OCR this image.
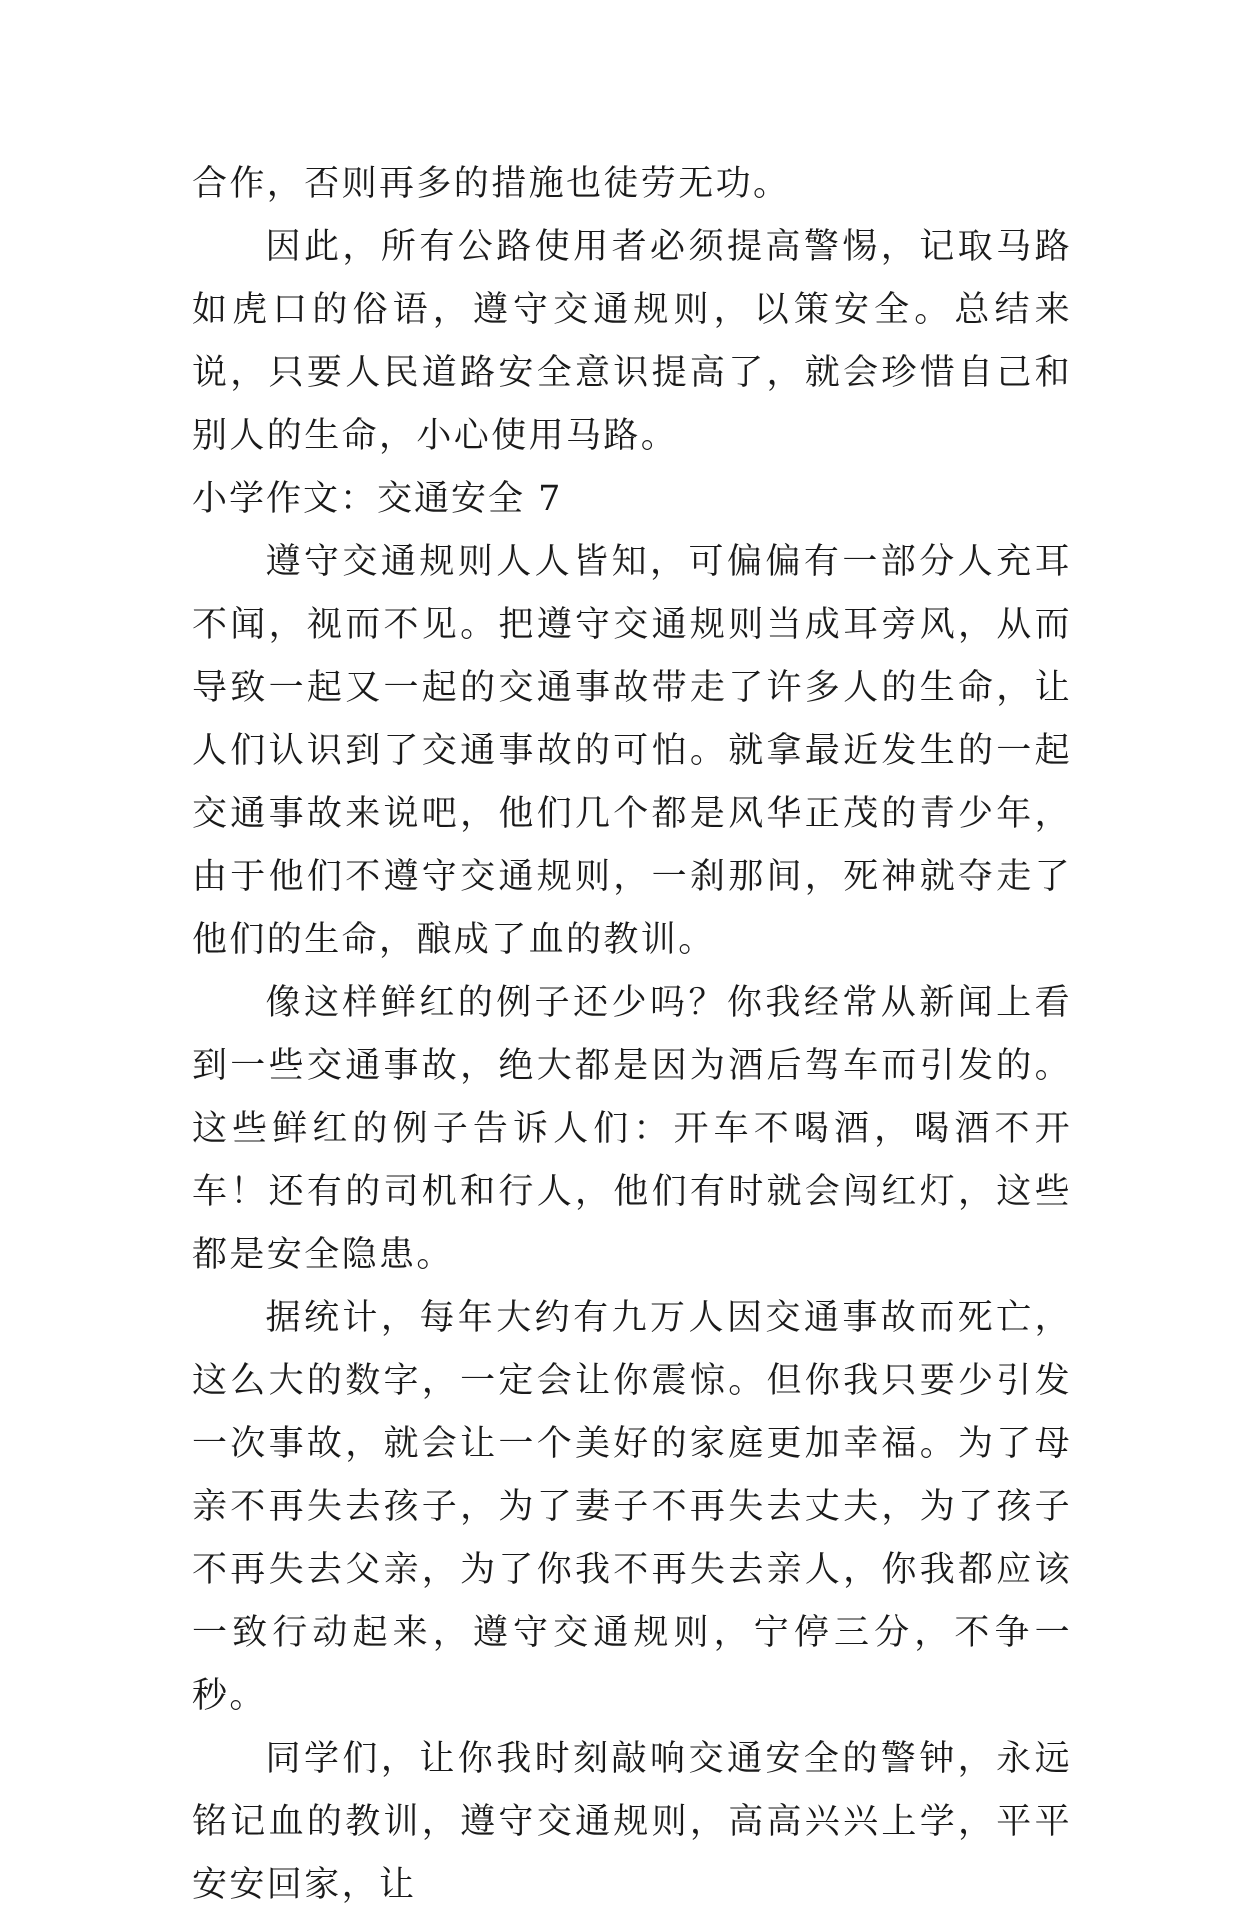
合作，否则再多的措施也徒劳无功。

因此，所有公路使用者必须提高警惕，记取马路如虎口的俗语，遵守交通规则，以策安全。总结来说，只要人民道路安全意识提高了，就会珍惜自己和别人的生命，小心使用马路。

小学作文：交通安全 7

遵守交通规则人人皆知，可偏偏有一部分人充耳不闻，视而不见。把遵守交通规则当成耳旁风，从而导致一起又一起的交通事故带走了许多人的生命，让人们认识到了交通事故的可怕。就拿最近发生的一起交通事故来说吧，他们几个都是风华正茂的青少年，由于他们不遵守交通规则，一刹那间，死神就夺走了他们的生命，酿成了血的教训。

像这样鲜红的例子还少吗？你我经常从新闻上看到一些交通事故，绝大都是因为酒后驾车而引发的。这些鲜红的例子告诉人们：开车不喝酒，喝酒不开车！还有的司机和行人，他们有时就会闯红灯，这些都是安全隐患。

据统计，每年大约有九万人因交通事故而死亡，这么大的数字，一定会让你震惊。但你我只要少引发一次事故，就会让一个美好的家庭更加幸福。为了母亲不再失去孩子，为了妻子不再失去丈夫，为了孩子不再失去父亲，为了你我不再失去亲人，你我都应该一致行动起来，遵守交通规则，宁停三分，不争一秒。

同学们，让你我时刻敲响交通安全的警钟，永远铭记血的教训，遵守交通规则，高高兴兴上学，平平安安回家，让
